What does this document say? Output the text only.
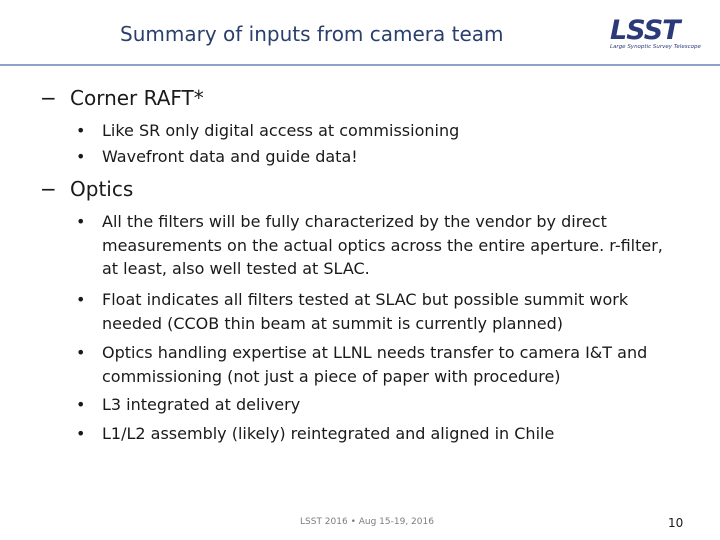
Summary of inputs from camera team	LSST
Large Synoptic Survey Telescope
− Corner RAFT*
• Like SR only digital access at commissioning
• Wavefront data and guide data!
− Optics
• All the filters will be fully characterized by the vendor by direct measurements on the actual optics across the entire aperture. r-filter, at least, also well tested at SLAC.
• Float indicates all filters tested at SLAC but possible summit work needed (CCOB thin beam at summit is currently planned)
• Optics handling expertise at LLNL needs transfer to camera I&T and commissioning (not just a piece of paper with procedure)
• L3 integrated at delivery
• L1/L2 assembly (likely) reintegrated and aligned in Chile
LSST 2016 • Aug 15-19, 2016	10
